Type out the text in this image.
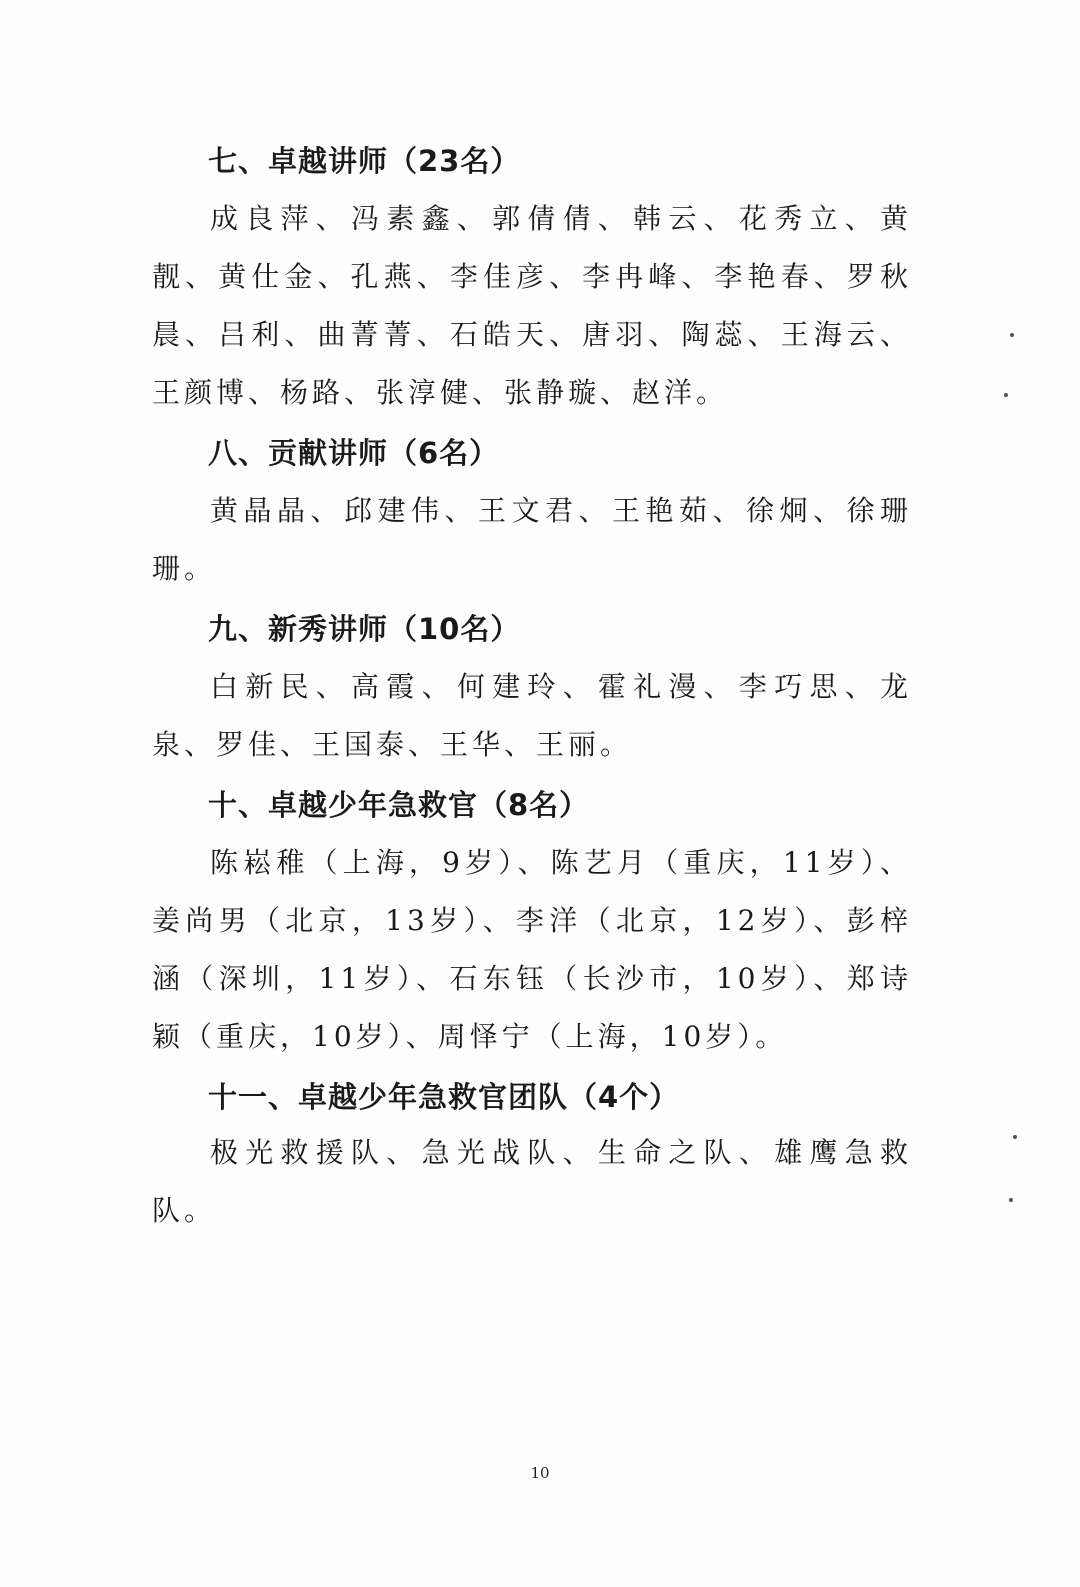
七、卓越讲师（23名）

成良萍、冯素鑫、郭倩倩、韩云、花秀立、黄靓、黄仕金、孔燕、李佳彦、李冉峰、李艳春、罗秋晨、吕利、曲菁菁、石皓天、唐羽、陶蕊、王海云、王颜博、杨路、张淳健、张静璇、赵洋。

八、贡献讲师（6名）

黄晶晶、邱建伟、王文君、王艳茹、徐炯、徐珊珊。

九、新秀讲师（10名）

白新民、高霞、何建玲、霍礼漫、李巧思、龙泉、罗佳、王国泰、王华、王丽。

十、卓越少年急救官（8名）

陈崧稚（上海，9岁）、陈艺月（重庆，11岁）、姜尚男（北京，13岁）、李洋（北京，12岁）、彭梓涵（深圳，11岁）、石东钰（长沙市，10岁）、郑诗颖（重庆，10岁）、周怿宁（上海，10岁）。

十一、卓越少年急救官团队（4个）

极光救援队、急光战队、生命之队、雄鹰急救队。

10
